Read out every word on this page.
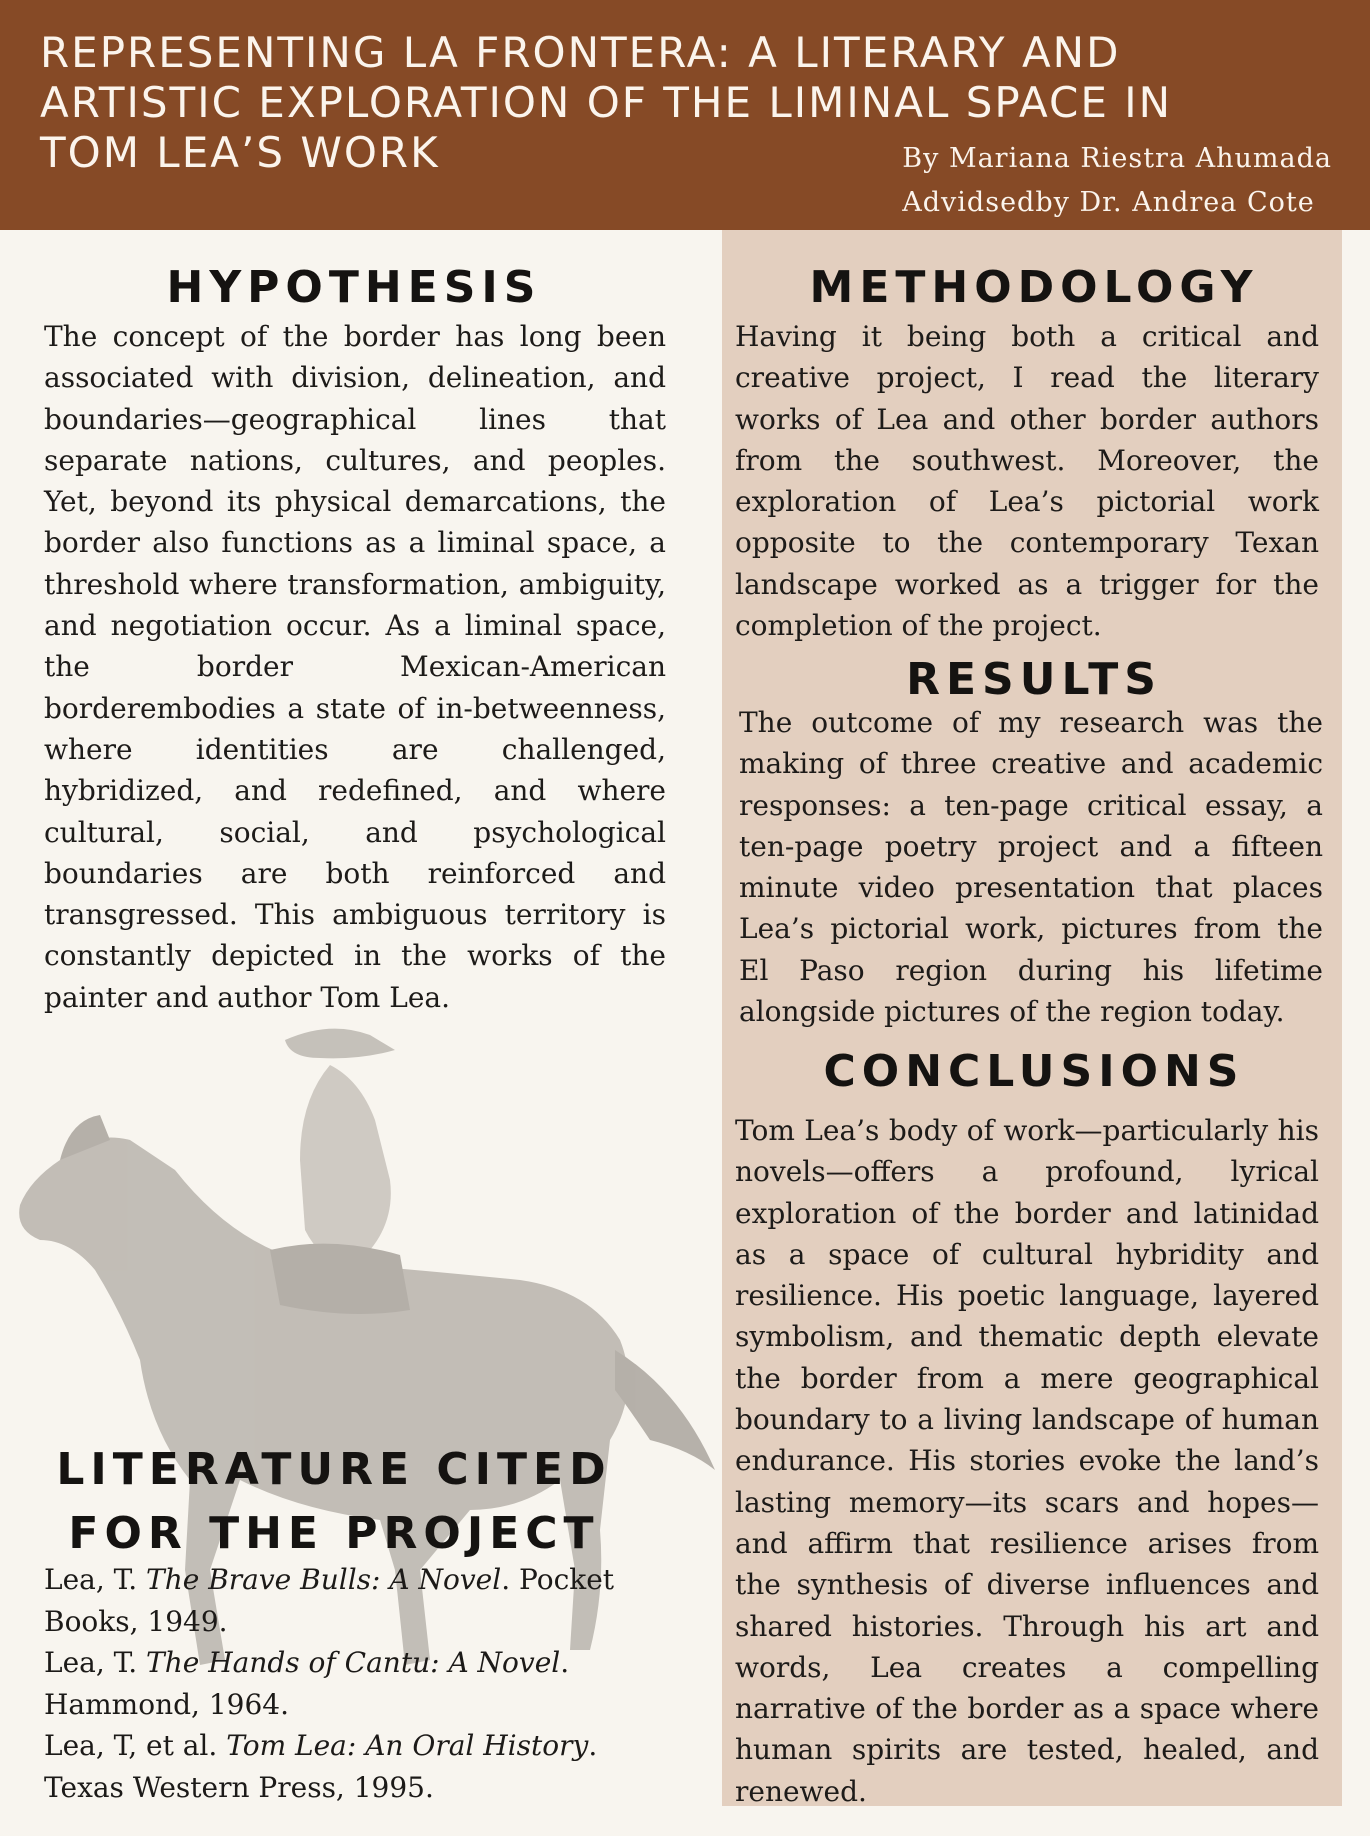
REPRESENTING LA FRONTERA: A LITERARY AND
ARTISTIC EXPLORATION OF THE LIMINAL SPACE IN
TOM LEA’S WORK	By Mariana Riestra Ahumada
Advidsedby Dr. Andrea Cote
HYPOTHESIS

The concept of the border has long been associated with division, delineation, and boundaries—geographical lines that separate nations, cultures, and peoples. Yet, beyond its physical demarcations, the border also functions as a liminal space, a threshold where transformation, ambiguity, and negotiation occur. As a liminal space, the border Mexican-American borderembodies a state of in-betweenness, where identities are challenged, hybridized, and redefined, and where cultural, social, and psychological boundaries are both reinforced and transgressed. This ambiguous territory is constantly depicted in the works of the painter and author Tom Lea.

METHODOLOGY

Having it being both a critical and creative project, I read the literary works of Lea and other border authors from the southwest. Moreover, the exploration of Lea’s pictorial work opposite to the contemporary Texan landscape worked as a trigger for the completion of the project.

RESULTS

The outcome of my research was the making of three creative and academic responses: a ten-page critical essay, a ten-page poetry project and a fifteen minute video presentation that places Lea’s pictorial work, pictures from the El Paso region during his lifetime alongside pictures of the region today.

CONCLUSIONS

Tom Lea’s body of work—particularly his novels—offers a profound, lyrical exploration of the border and latinidad as a space of cultural hybridity and resilience. His poetic language, layered symbolism, and thematic depth elevate the border from a mere geographical boundary to a living landscape of human endurance. His stories evoke the land’s lasting memory—its scars and hopes—and affirm that resilience arises from the synthesis of diverse influences and shared histories. Through his art and words, Lea creates a compelling narrative of the border as a space where human spirits are tested, healed, and renewed.

LITERATURE CITED
FOR THE PROJECT
Lea, T. The Brave Bulls: A Novel. Pocket Books, 1949.
Lea, T. The Hands of Cantu: A Novel. Hammond, 1964.
Lea, T, et al. Tom Lea: An Oral History. Texas Western Press, 1995.
